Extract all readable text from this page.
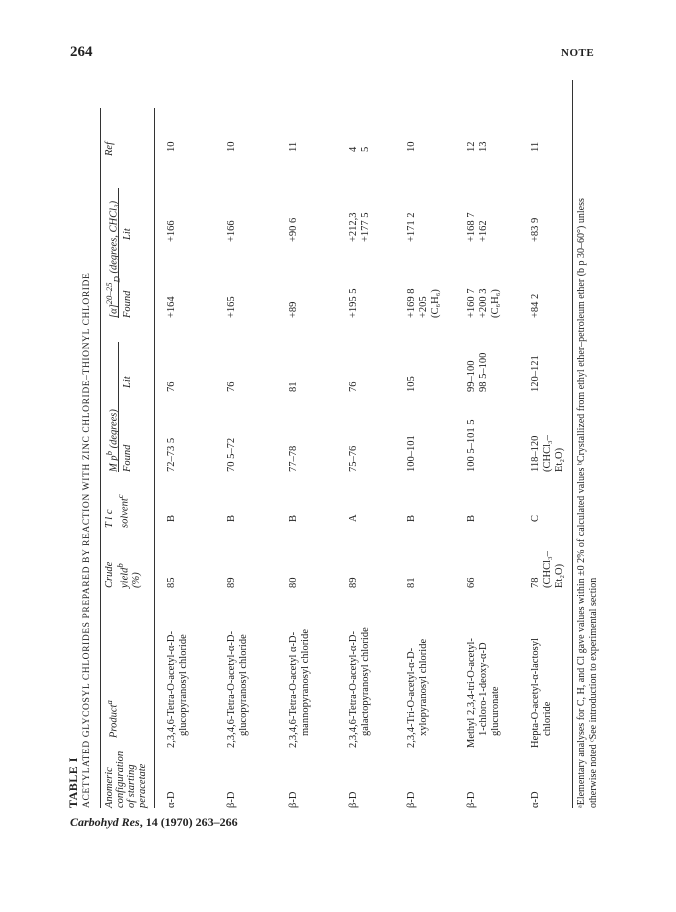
264	NOTE
Carbohyd Res, 14 (1970) 263–266
TABLE I ACETYLATED GLYCOSYL CHLORIDES PREPARED BY REACTION WITH ZINC CHLORIDE–THIONYL CHLORIDE Anomeric configuration of starting peracetate
Product$^a$
Crude yield$^b$
(%)
T l c solvent$^c$
M $p^b$ (degrees)
Found
Lit
$[\alpha]^{20-25}_D$ (degrees, CHCl₃)
Found
Lit
Ref
α-D
2,3,4,6-Tetra-O-acetyl-α-D- glucopyranosyl chloride
85
B
72–73 5
76
+164
+166
10
β-D
2,3,4,6-Tetra-O-acetyl-α-D- glucopyranosyl chloride
89
B
70 5–72
76
+165
+166
10
β-D
2,3,4,6-Tetra-O-acetyl α-D- mannopyranosyl chloride
80
B
77–78
81
+89
+90 6
11
β-D
2,3,4,6-Tetra-O-acetyl-α-D- galactopyranosyl chloride
89
A
75–76
76
+195 5
+212,3 +177 5
4 5
β-D
2,3,4-Tri-O-acetyl-α-D- xylopyranosyl chloride
81
B
100–101
105
+169 8 +205 (C₆H₆)
+171 2
10
β-D
Methyl 2,3,4-tri-O-acetyl- 1-chloro-1-deoxy-α-D glucuronate
66
B
100 5–101 5
99–100 98 5–100
+160 7 +200 3 (C₆H₆)
+168 7 +162
12 13
α-D
Hepta-O-acetyl-α-lactosyl chloride
78 (CHCl₃– Et₂O)
C
118–120 (CHCl₃– Et₂O)
120–121
+84 2
+83 9
11
ᵃElementary analyses for C, H, and Cl gave values within ±0 2% of calculated values ᵇCrystallized from ethyl ether–petroleum ether (b p 30–60°) unless otherwise noted ᶜSee introduction to experimental section
